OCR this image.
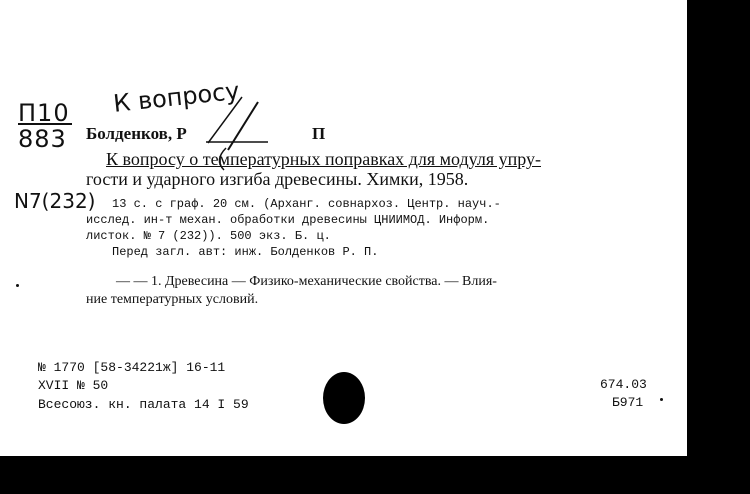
П10
883
К вопросу
N7(232)
Болденков, Р	П
К вопросу о температурных поправках для модуля упру-
гости и ударного изгиба древесины. Химки, 1958.
13 с. с граф. 20 см. (Арханг. совнархоз. Центр. науч.-
исслед. ин-т механ. обработки древесины ЦНИИМОД. Информ.
листок. № 7 (232)). 500 экз. Б. ц.
Перед загл. авт: инж. Болденков Р. П.
— — 1. Древесина — Физико-механические свойства. — Влия-
ние температурных условий.
№ 1770 [58-34221ж] 16-11
XVII № 50
Всесоюз. кн. палата 14 I 59
674.03
Б971
